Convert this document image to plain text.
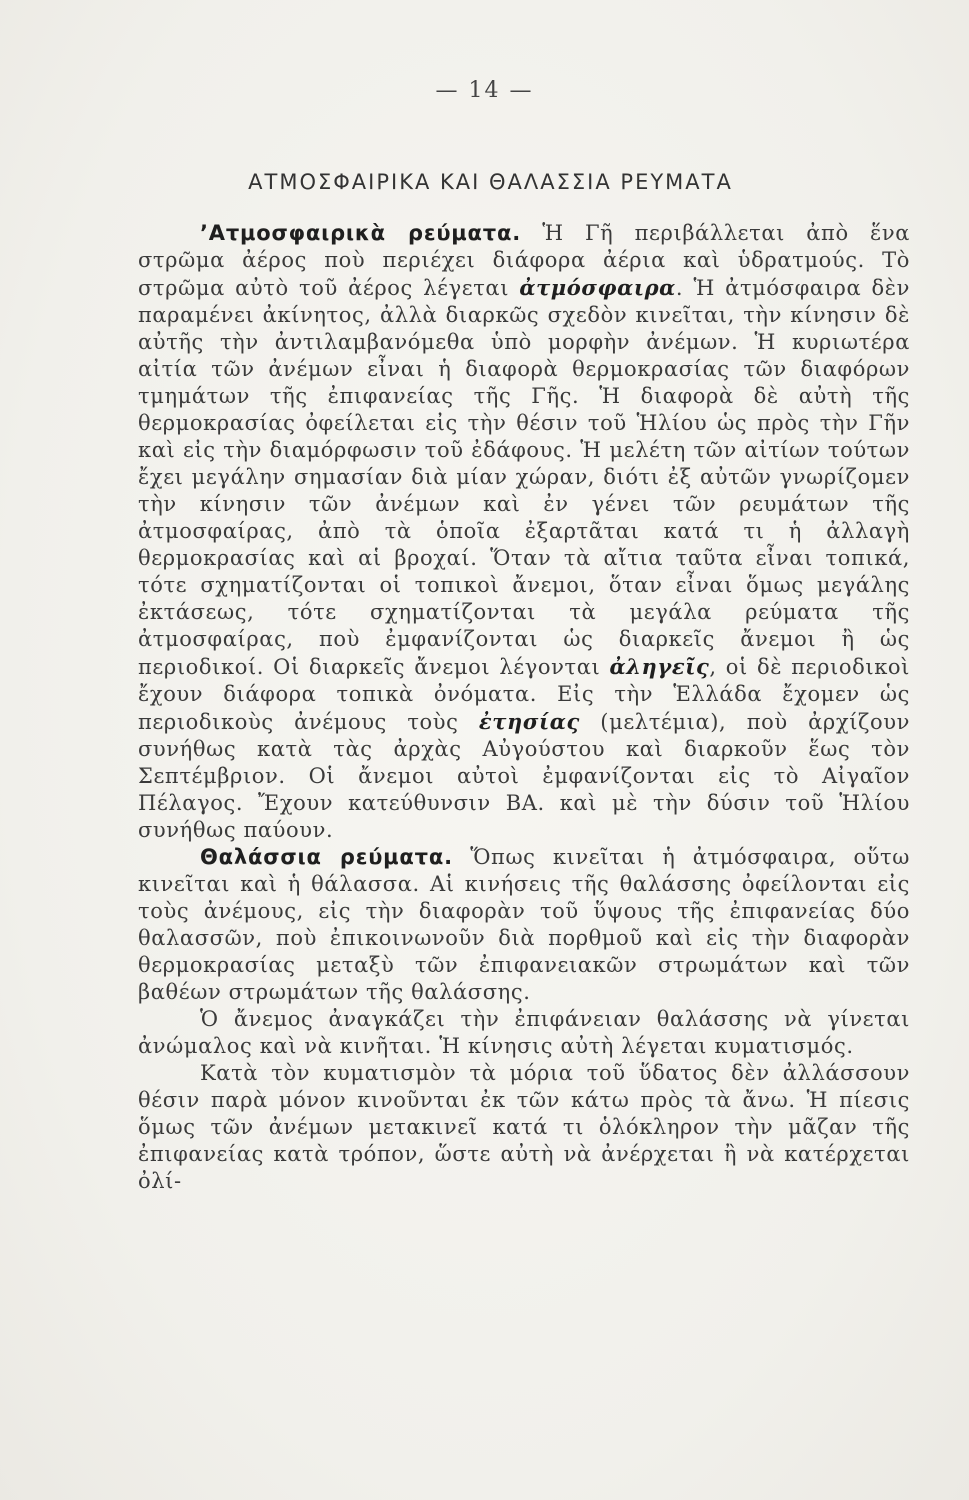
— 14 —
ΑΤΜΟΣΦΑΙΡΙΚΑ ΚΑΙ ΘΑΛΑΣΣΙΑ ΡΕΥΜΑΤΑ

’Ατμοσφαιρικὰ ρεύματα. Ἡ Γῆ περιβάλλεται ἀπὸ ἕνα στρῶμα ἀέρος ποὺ περιέχει διάφορα ἀέρια καὶ ὑδρατμούς. Τὸ στρῶμα αὐτὸ τοῦ ἀέρος λέγεται ἀτμόσφαιρα. Ἡ ἀτμόσφαιρα δὲν παραμένει ἀκίνητος, ἀλλὰ διαρκῶς σχεδὸν κινεῖται, τὴν κίνησιν δὲ αὐτῆς τὴν ἀντιλαμβανόμεθα ὑπὸ μορφὴν ἀνέμων. Ἡ κυριωτέρα αἰτία τῶν ἀνέμων εἶναι ἡ διαφορὰ θερμοκρασίας τῶν διαφόρων τμημάτων τῆς ἐπιφανείας τῆς Γῆς. Ἡ διαφορὰ δὲ αὐτὴ τῆς θερμοκρασίας ὀφείλεται εἰς τὴν θέσιν τοῦ Ἡλίου ὡς πρὸς τὴν Γῆν καὶ εἰς τὴν διαμόρφωσιν τοῦ ἐδάφους. Ἡ μελέτη τῶν αἰτίων τούτων ἔχει μεγάλην σημασίαν διὰ μίαν χώραν, διότι ἐξ αὐτῶν γνωρίζομεν τὴν κίνησιν τῶν ἀνέμων καὶ ἐν γένει τῶν ρευμάτων τῆς ἀτμοσφαίρας, ἀπὸ τὰ ὁποῖα ἐξαρτᾶται κατά τι ἡ ἀλλαγὴ θερμοκρασίας καὶ αἱ βροχαί. Ὅταν τὰ αἴτια ταῦτα εἶναι τοπικά, τότε σχηματίζονται οἱ τοπικοὶ ἄνεμοι, ὅταν εἶναι ὅμως μεγάλης ἐκτάσεως, τότε σχηματίζονται τὰ μεγάλα ρεύματα τῆς ἀτμοσφαίρας, ποὺ ἐμφανίζονται ὡς διαρκεῖς ἄνεμοι ἢ ὡς περιοδικοί. Οἱ διαρκεῖς ἄνεμοι λέγονται ἀληγεῖς, οἱ δὲ περιοδικοὶ ἔχουν διάφορα τοπικὰ ὀνόματα. Εἰς τὴν Ἑλλάδα ἔχομεν ὡς περιοδικοὺς ἀνέμους τοὺς ἐτησίας (μελτέμια), ποὺ ἀρχίζουν συνήθως κατὰ τὰς ἀρχὰς Αὐγούστου καὶ διαρκοῦν ἕως τὸν Σεπτέμβριον. Οἱ ἄνεμοι αὐτοὶ ἐμφανίζονται εἰς τὸ Αἰγαῖον Πέλαγος. Ἔχουν κατεύθυνσιν ΒΑ. καὶ μὲ τὴν δύσιν τοῦ Ἡλίου συνήθως παύουν.

Θαλάσσια ρεύματα. Ὅπως κινεῖται ἡ ἀτμόσφαιρα, οὕτω κινεῖται καὶ ἡ θάλασσα. Αἱ κινήσεις τῆς θαλάσσης ὀφείλονται εἰς τοὺς ἀνέμους, εἰς τὴν διαφορὰν τοῦ ὕψους τῆς ἐπιφανείας δύο θαλασσῶν, ποὺ ἐπικοινωνοῦν διὰ πορθμοῦ καὶ εἰς τὴν διαφορὰν θερμοκρασίας μεταξὺ τῶν ἐπιφανειακῶν στρωμάτων καὶ τῶν βαθέων στρωμάτων τῆς θαλάσσης.

Ὁ ἄνεμος ἀναγκάζει τὴν ἐπιφάνειαν θαλάσσης νὰ γίνεται ἀνώμαλος καὶ νὰ κινῆται. Ἡ κίνησις αὐτὴ λέγεται κυματισμός.

Κατὰ τὸν κυματισμὸν τὰ μόρια τοῦ ὕδατος δὲν ἀλλάσσουν θέσιν παρὰ μόνον κινοῦνται ἐκ τῶν κάτω πρὸς τὰ ἄνω. Ἡ πίεσις ὅμως τῶν ἀνέμων μετακινεῖ κατά τι ὁλόκληρον τὴν μᾶζαν τῆς ἐπιφανείας κατὰ τρόπον, ὥστε αὐτὴ νὰ ἀνέρχεται ἢ νὰ κατέρχεται ὀλί-
